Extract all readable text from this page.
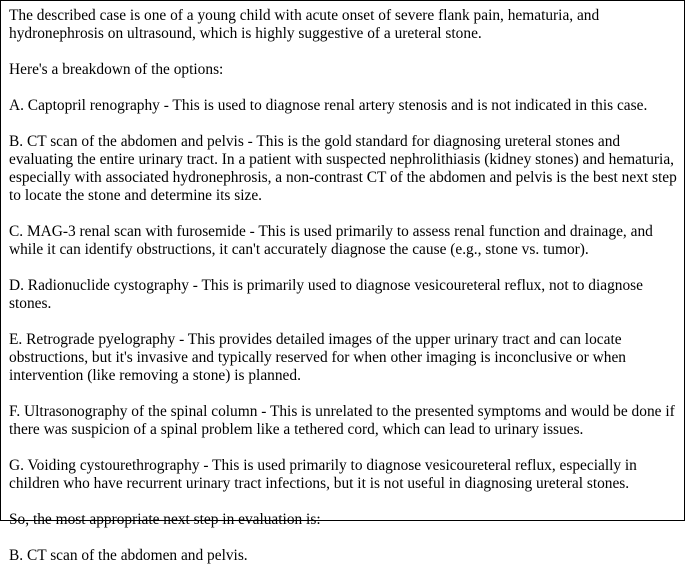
The described case is one of a young child with acute onset of severe flank pain, hematuria, and hydronephrosis on ultrasound, which is highly suggestive of a ureteral stone.

Here's a breakdown of the options:

A. Captopril renography - This is used to diagnose renal artery stenosis and is not indicated in this case.

B. CT scan of the abdomen and pelvis - This is the gold standard for diagnosing ureteral stones and evaluating the entire urinary tract. In a patient with suspected nephrolithiasis (kidney stones) and hematuria, especially with associated hydronephrosis, a non-contrast CT of the abdomen and pelvis is the best next step to locate the stone and determine its size.

C. MAG-3 renal scan with furosemide - This is used primarily to assess renal function and drainage, and while it can identify obstructions, it can't accurately diagnose the cause (e.g., stone vs. tumor).

D. Radionuclide cystography - This is primarily used to diagnose vesicoureteral reflux, not to diagnose stones.

E. Retrograde pyelography - This provides detailed images of the upper urinary tract and can locate obstructions, but it's invasive and typically reserved for when other imaging is inconclusive or when intervention (like removing a stone) is planned.

F. Ultrasonography of the spinal column - This is unrelated to the presented symptoms and would be done if there was suspicion of a spinal problem like a tethered cord, which can lead to urinary issues.

G. Voiding cystourethrography - This is used primarily to diagnose vesicoureteral reflux, especially in children who have recurrent urinary tract infections, but it is not useful in diagnosing ureteral stones.

So, the most appropriate next step in evaluation is:

B. CT scan of the abdomen and pelvis.
